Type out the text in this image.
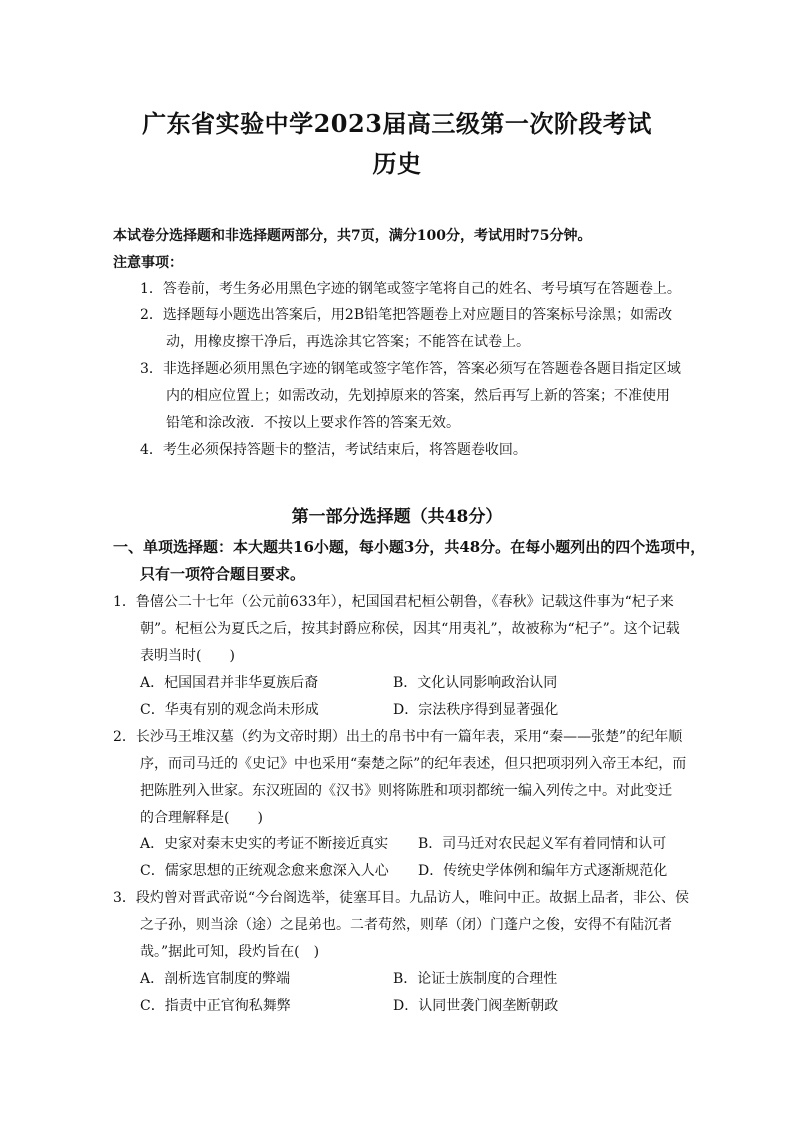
广东省实验中学2023届高三级第一次阶段考试
历史
本试卷分选择题和非选择题两部分，共7页，满分100分，考试用时75分钟。
注意事项：
1．答卷前，考生务必用黑色字迹的钢笔或签字笔将自己的姓名、考号填写在答题卷上。
2．选择题每小题选出答案后，用2B铅笔把答题卷上对应题目的答案标号涂黑；如需改
动，用橡皮擦干净后，再选涂其它答案；不能答在试卷上。
3．非选择题必须用黑色字迹的钢笔或签字笔作答，答案必须写在答题卷各题目指定区域
内的相应位置上；如需改动，先划掉原来的答案，然后再写上新的答案；不准使用
铅笔和涂改液．不按以上要求作答的答案无效。
4．考生必须保持答题卡的整洁，考试结束后，将答题卷收回。
第一部分选择题（共48分）
一、单项选择题：本大题共16小题，每小题3分，共48分。在每小题列出的四个选项中，
只有一项符合题目要求。
1．鲁僖公二十七年（公元前633年），杞国国君杞桓公朝鲁，《春秋》记载这件事为“杞子来
朝”。杞桓公为夏氏之后，按其封爵应称侯，因其“用夷礼”，故被称为“杞子”。这个记载
表明当时(　　)
A．杞国国君并非华夏族后裔	B．文化认同影响政治认同
C．华夷有别的观念尚未形成	D．宗法秩序得到显著强化
2．长沙马王堆汉墓（约为文帝时期）出土的帛书中有一篇年表，采用“秦——张楚”的纪年顺
序，而司马迁的《史记》中也采用“秦楚之际”的纪年表述，但只把项羽列入帝王本纪，而
把陈胜列入世家。东汉班固的《汉书》则将陈胜和项羽都统一编入列传之中。对此变迁
的合理解释是(　　)
A．史家对秦末史实的考证不断接近真实 B．司马迁对农民起义军有着同情和认可
C．儒家思想的正统观念愈来愈深入人心 D．传统史学体例和编年方式逐渐规范化
3．段灼曾对晋武帝说“今台阁选举，徒塞耳目。九品访人，唯问中正。故据上品者，非公、侯
之子孙，则当涂（途）之昆弟也。二者苟然，则荜（闭）门蓬户之俊，安得不有陆沉者
哉。”据此可知，段灼旨在(　)
A．剖析选官制度的弊端	B．论证士族制度的合理性
C．指责中正官徇私舞弊	D．认同世袭门阀垄断朝政
